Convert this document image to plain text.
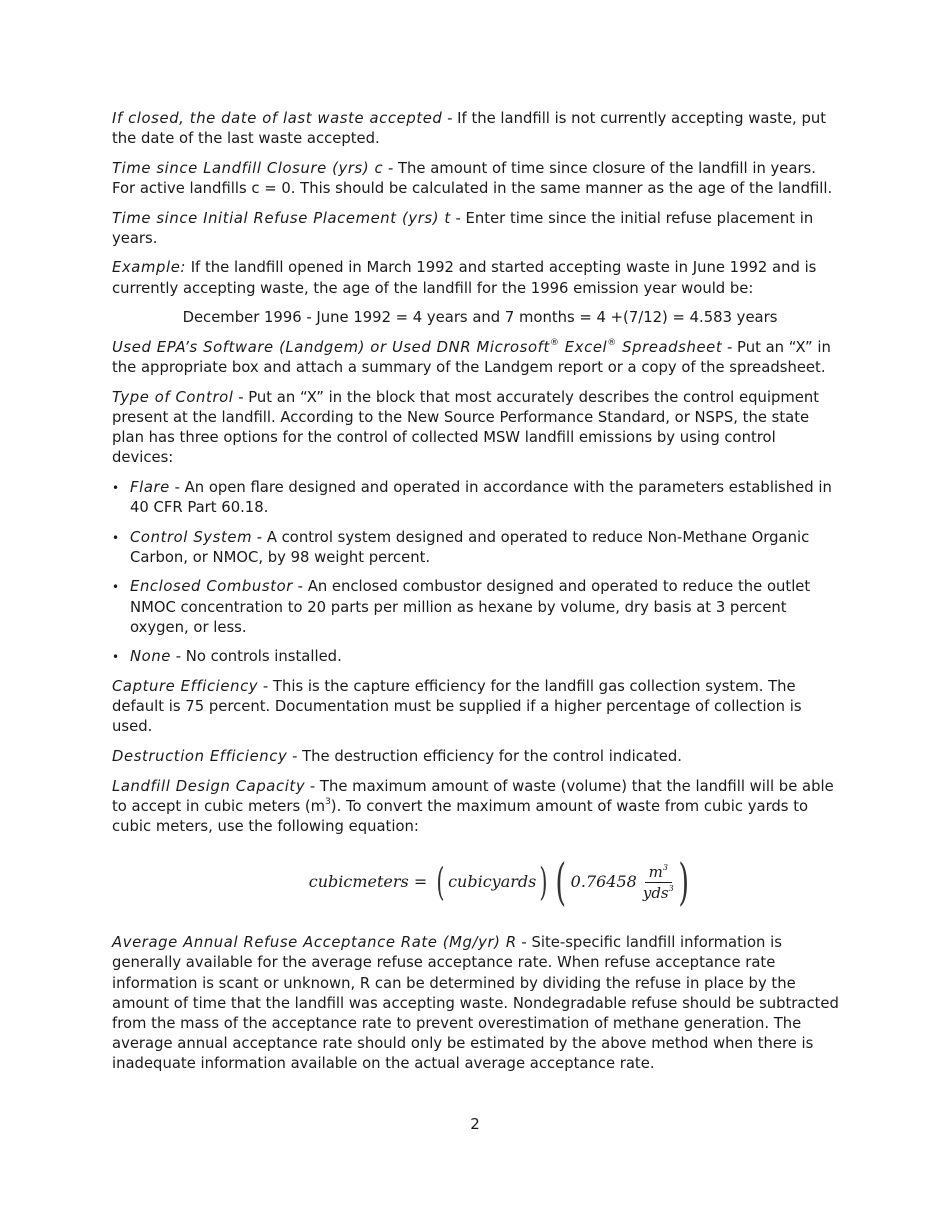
If closed, the date of last waste accepted - If the landfill is not currently accepting waste, put the date of the last waste accepted.

Time since Landfill Closure (yrs) c - The amount of time since closure of the landfill in years. For active landfills c = 0. This should be calculated in the same manner as the age of the landfill.

Time since Initial Refuse Placement (yrs) t - Enter time since the initial refuse placement in years.

Example: If the landfill opened in March 1992 and started accepting waste in June 1992 and is currently accepting waste, the age of the landfill for the 1996 emission year would be:

December 1996 - June 1992 = 4 years and 7 months = 4 +(7/12) = 4.583 years

Used EPA’s Software (Landgem) or Used DNR Microsoft® Excel® Spreadsheet - Put an “X” in the appropriate box and attach a summary of the Landgem report or a copy of the spreadsheet.

Type of Control - Put an “X” in the block that most accurately describes the control equipment present at the landfill. According to the New Source Performance Standard, or NSPS, the state plan has three options for the control of collected MSW landfill emissions by using control devices:

• Flare - An open flare designed and operated in accordance with the parameters established in 40 CFR Part 60.18.
• Control System - A control system designed and operated to reduce Non-Methane Organic Carbon, or NMOC, by 98 weight percent.
• Enclosed Combustor - An enclosed combustor designed and operated to reduce the outlet NMOC concentration to 20 parts per million as hexane by volume, dry basis at 3 percent oxygen, or less.
• None - No controls installed.

Capture Efficiency - This is the capture efficiency for the landfill gas collection system. The default is 75 percent. Documentation must be supplied if a higher percentage of collection is used.

Destruction Efficiency - The destruction efficiency for the control indicated.

Landfill Design Capacity - The maximum amount of waste (volume) that the landfill will be able to accept in cubic meters $(m^3)$. To convert the maximum amount of waste from cubic yards to cubic meters, use the following equation:

cubicmeters = ( cubicyards ) ( $0.76458 \frac{m^3}{yds^3}$ )

Average Annual Refuse Acceptance Rate (Mg/yr) R - Site-specific landfill information is generally available for the average refuse acceptance rate. When refuse acceptance rate information is scant or unknown, R can be determined by dividing the refuse in place by the amount of time that the landfill was accepting waste. Nondegradable refuse should be subtracted from the mass of the acceptance rate to prevent overestimation of methane generation. The average annual acceptance rate should only be estimated by the above method when there is inadequate information available on the actual average acceptance rate.

2
